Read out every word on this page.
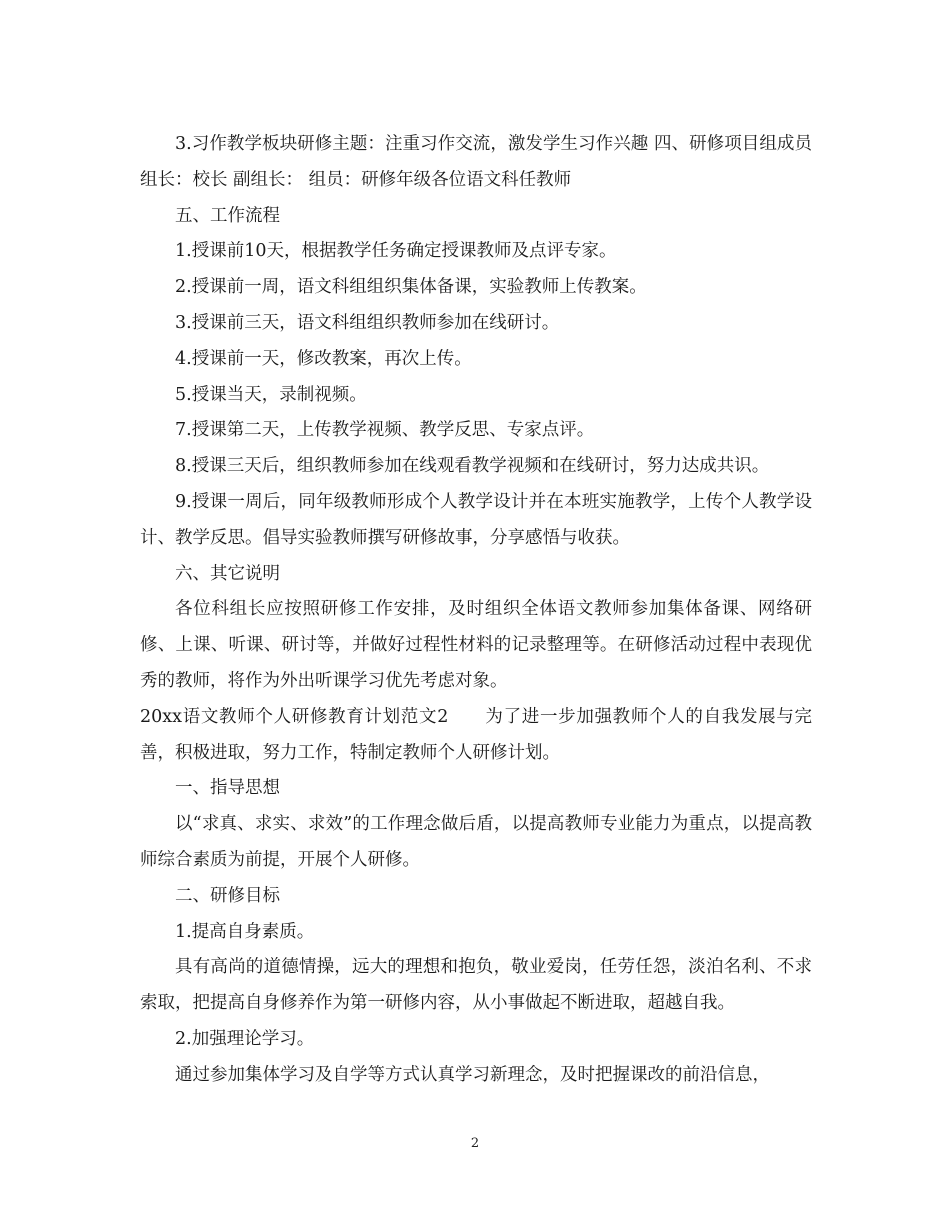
3.习作教学板块研修主题：注重习作交流，激发学生习作兴趣 四、研修项目组成员 组长：校长 副组长： 组员：研修年级各位语文科任教师

五、工作流程

1.授课前10天，根据教学任务确定授课教师及点评专家。

2.授课前一周，语文科组组织集体备课，实验教师上传教案。

3.授课前三天，语文科组组织教师参加在线研讨。

4.授课前一天，修改教案，再次上传。

5.授课当天，录制视频。

7.授课第二天，上传教学视频、教学反思、专家点评。

8.授课三天后，组织教师参加在线观看教学视频和在线研讨，努力达成共识。

9.授课一周后，同年级教师形成个人教学设计并在本班实施教学，上传个人教学设计、教学反思。倡导实验教师撰写研修故事，分享感悟与收获。

六、其它说明

各位科组长应按照研修工作安排，及时组织全体语文教师参加集体备课、网络研修、上课、听课、研讨等，并做好过程性材料的记录整理等。在研修活动过程中表现优秀的教师，将作为外出听课学习优先考虑对象。

20xx语文教师个人研修教育计划范文2　　为了进一步加强教师个人的自我发展与完善，积极进取，努力工作，特制定教师个人研修计划。

一、指导思想

以“求真、求实、求效”的工作理念做后盾，以提高教师专业能力为重点，以提高教师综合素质为前提，开展个人研修。

二、研修目标

1.提高自身素质。

具有高尚的道德情操，远大的理想和抱负，敬业爱岗，任劳任怨，淡泊名利、不求索取，把提高自身修养作为第一研修内容，从小事做起不断进取，超越自我。

2.加强理论学习。

通过参加集体学习及自学等方式认真学习新理念，及时把握课改的前沿信息，

2
